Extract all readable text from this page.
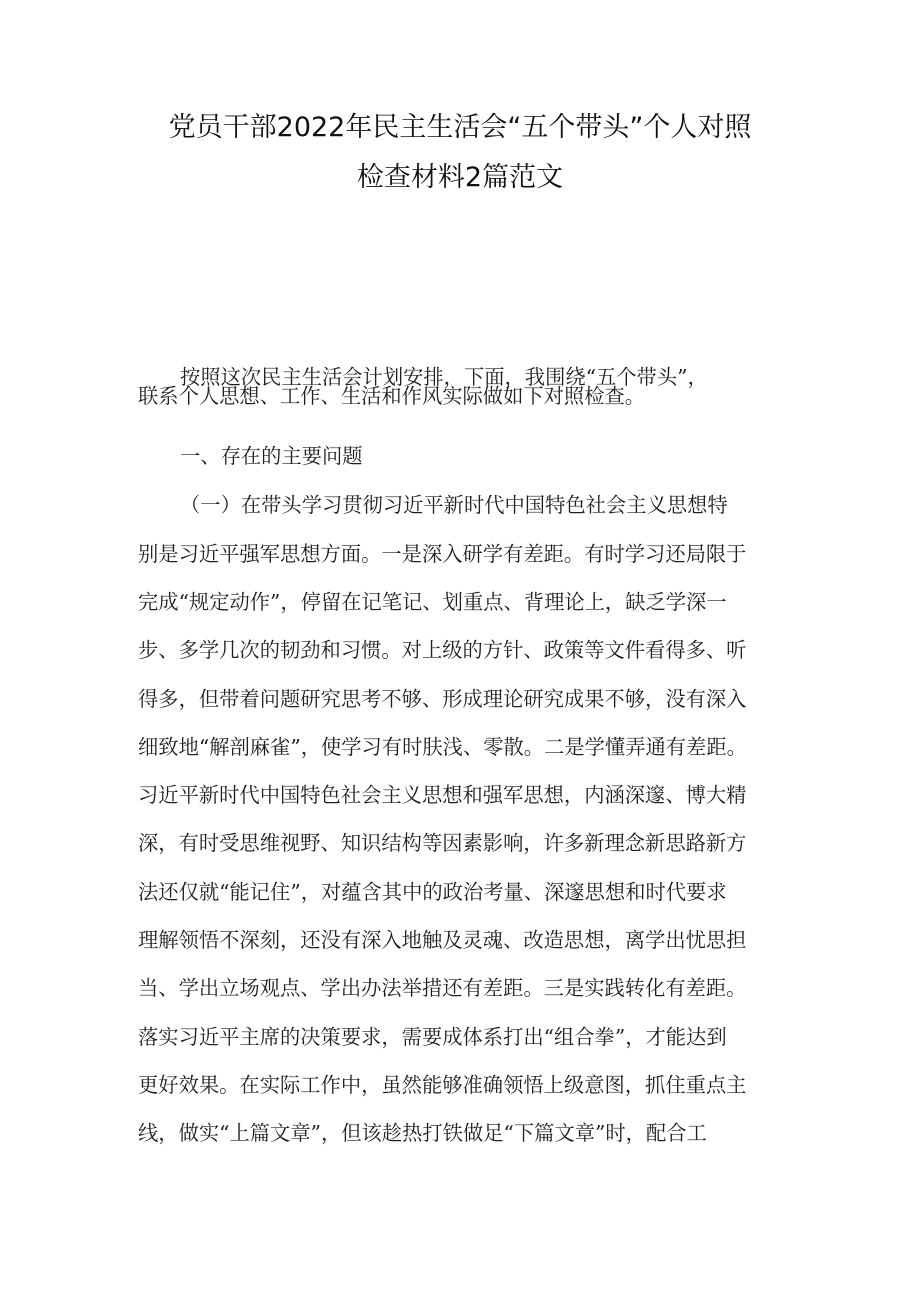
党员干部2022年民主生活会“五个带头”个人对照
检查材料2篇范文

按照这次民主生活会计划安排，下面，我围绕“五个带头”，

联系个人思想、工作、生活和作风实际做如下对照检查。

一、存在的主要问题

（一）在带头学习贯彻习近平新时代中国特色社会主义思想特

别是习近平强军思想方面。一是深入研学有差距。有时学习还局限于

完成“规定动作”，停留在记笔记、划重点、背理论上，缺乏学深一

步、多学几次的韧劲和习惯。对上级的方针、政策等文件看得多、听

得多，但带着问题研究思考不够、形成理论研究成果不够，没有深入

细致地“解剖麻雀”，使学习有时肤浅、零散。二是学懂弄通有差距。

习近平新时代中国特色社会主义思想和强军思想，内涵深邃、博大精

深，有时受思维视野、知识结构等因素影响，许多新理念新思路新方

法还仅就“能记住”，对蕴含其中的政治考量、深邃思想和时代要求

理解领悟不深刻，还没有深入地触及灵魂、改造思想，离学出忧思担

当、学出立场观点、学出办法举措还有差距。三是实践转化有差距。

落实习近平主席的决策要求，需要成体系打出“组合拳”，才能达到

更好效果。在实际工作中，虽然能够准确领悟上级意图，抓住重点主

线，做实“上篇文章”，但该趁热打铁做足“下篇文章”时，配合工
